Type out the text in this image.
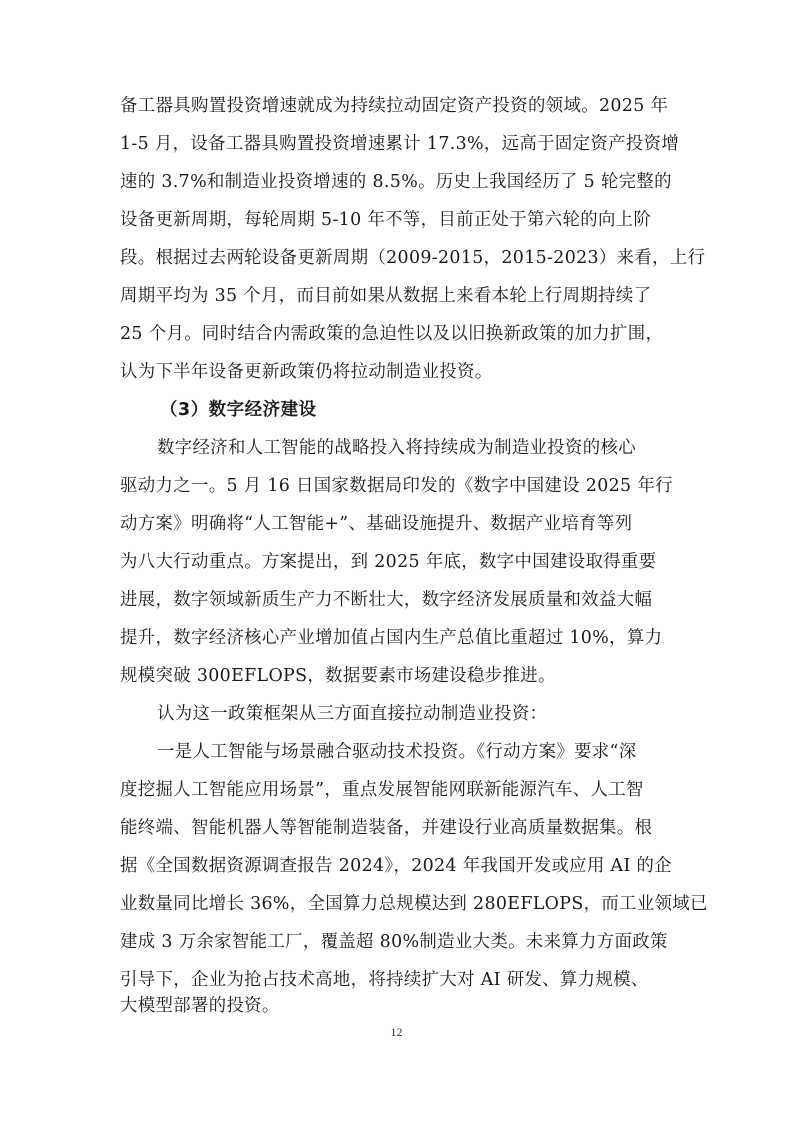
备工器具购置投资增速就成为持续拉动固定资产投资的领域。2025 年
1-5 月，设备工器具购置投资增速累计 17.3%，远高于固定资产投资增
速的 3.7%和制造业投资增速的 8.5%。历史上我国经历了 5 轮完整的
设备更新周期，每轮周期 5-10 年不等，目前正处于第六轮的向上阶
段。根据过去两轮设备更新周期（2009-2015，2015-2023）来看，上行
周期平均为 35 个月，而目前如果从数据上来看本轮上行周期持续了
25 个月。同时结合内需政策的急迫性以及以旧换新政策的加力扩围，
认为下半年设备更新政策仍将拉动制造业投资。
（3）数字经济建设
数字经济和人工智能的战略投入将持续成为制造业投资的核心
驱动力之一。5 月 16 日国家数据局印发的《数字中国建设 2025 年行
动方案》明确将“人工智能+”、基础设施提升、数据产业培育等列
为八大行动重点。方案提出，到 2025 年底，数字中国建设取得重要
进展，数字领域新质生产力不断壮大，数字经济发展质量和效益大幅
提升，数字经济核心产业增加值占国内生产总值比重超过 10%，算力
规模突破 300EFLOPS，数据要素市场建设稳步推进。
认为这一政策框架从三方面直接拉动制造业投资：
一是人工智能与场景融合驱动技术投资。《行动方案》要求“深
度挖掘人工智能应用场景”，重点发展智能网联新能源汽车、人工智
能终端、智能机器人等智能制造装备，并建设行业高质量数据集。根
据《全国数据资源调查报告 2024》，2024 年我国开发或应用 AI 的企
业数量同比增长 36%，全国算力总规模达到 280EFLOPS，而工业领域已
建成 3 万余家智能工厂，覆盖超 80%制造业大类。未来算力方面政策
引导下，企业为抢占技术高地，将持续扩大对 AI 研发、算力规模、
大模型部署的投资。
12
